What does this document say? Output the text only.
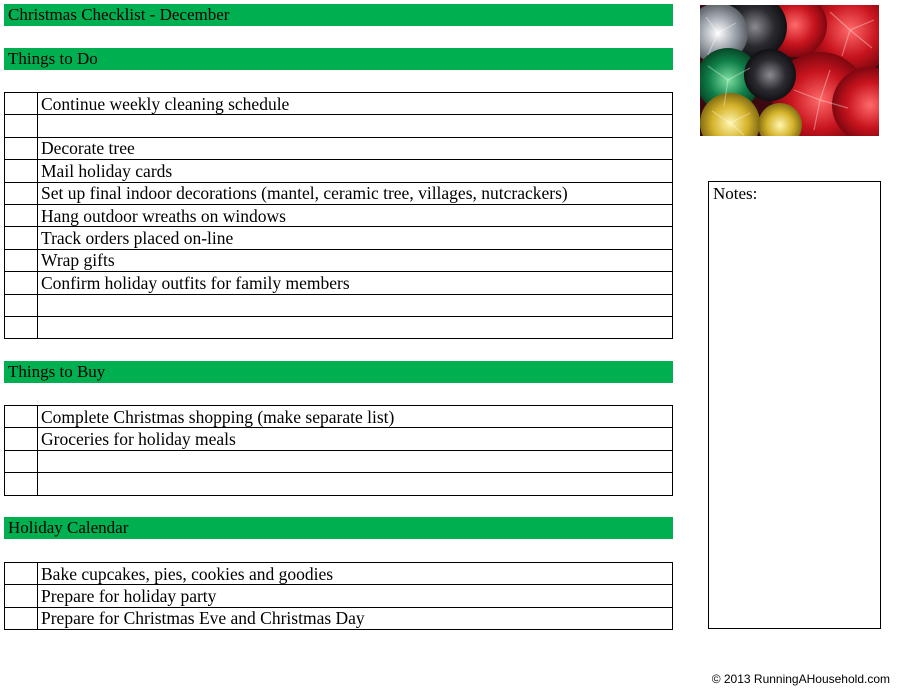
Christmas Checklist - December
Things to Do
	Continue weekly cleaning schedule

	Decorate tree
	Mail holiday cards
	Set up final indoor decorations (mantel, ceramic tree, villages, nutcrackers)
	Hang outdoor wreaths on windows
	Track orders placed on-line
	Wrap gifts
	Confirm holiday outfits for family members

Things to Buy
	Complete Christmas shopping (make separate list)
	Groceries for holiday meals

Holiday Calendar
	Bake cupcakes, pies, cookies and goodies
	Prepare for holiday party
	Prepare for Christmas Eve and Christmas Day
Notes:
© 2013 RunningAHousehold.com
